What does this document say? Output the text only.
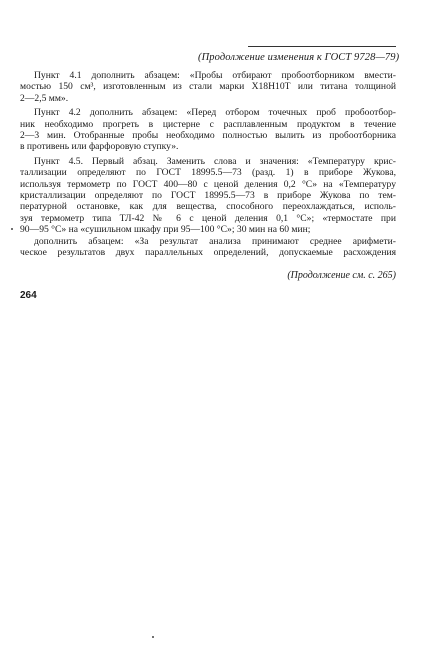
(Продолжение изменения к ГОСТ 9728—79)
Пункт 4.1 дополнить абзацем: «Пробы отбирают пробоотборником вмести-
мостью 150 см³, изготовленным из стали марки Х18Н10Т или титана толщиной
2—2,5 мм».
Пункт 4.2 дополнить абзацем: «Перед отбором точечных проб пробоотбор-
ник необходимо прогреть в цистерне с расплавленным продуктом в течение
2—3 мин. Отобранные пробы необходимо полностью вылить из пробоотборника
в противень или фарфоровую ступку».
Пункт 4.5. Первый абзац. Заменить слова и значения: «Температуру крис-
таллизации определяют по ГОСТ 18995.5—73 (разд. 1) в приборе Жукова,
используя термометр по ГОСТ 400—80 с ценой деления 0,2 °С» на «Температуру
кристаллизации определяют по ГОСТ 18995.5—73 в приборе Жукова по тем-
пературной остановке, как для вещества, способного переохлаждаться, исполь-
зуя термометр типа ТЛ-42 № 6 с ценой деления 0,1 °С»; «термостате при
90—95 °С» на «сушильном шкафу при 95—100 °С»; 30 мин на 60 мин;
дополнить абзацем: «За результат анализа принимают среднее арифмети-
ческое результатов двух параллельных определений, допускаемые расхождения
(Продолжение см. с. 265)
264
